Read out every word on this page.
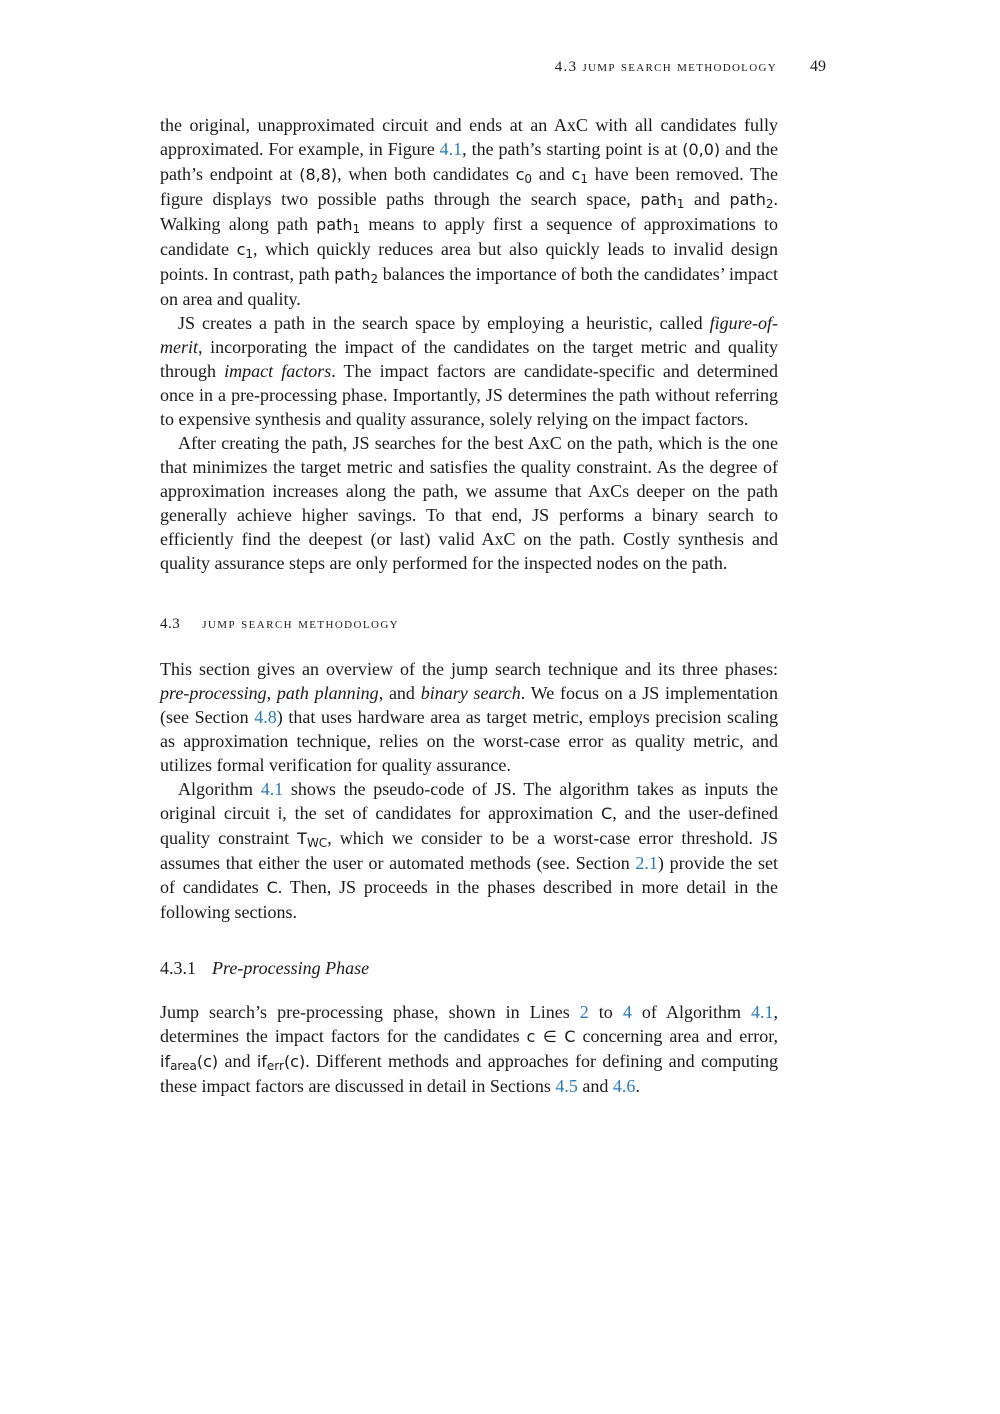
4.3 jump search methodology 49

the original, unapproximated circuit and ends at an AxC with all candidates fully approximated. For example, in Figure 4.1, the path’s starting point is at (0,0) and the path’s endpoint at (8,8), when both candidates $c_0$ and $c_1$ have been removed. The figure displays two possible paths through the search space, path$_1$ and path$_2$. Walking along path path$_1$ means to apply first a sequence of approximations to candidate $c_1$, which quickly reduces area but also quickly leads to invalid design points. In contrast, path path$_2$ balances the importance of both the candidates’ impact on area and quality.

JS creates a path in the search space by employing a heuristic, called figure-of-merit, incorporating the impact of the candidates on the target metric and quality through impact factors. The impact factors are candidate-specific and determined once in a pre-processing phase. Importantly, JS determines the path without referring to expensive synthesis and quality assurance, solely relying on the impact factors.

After creating the path, JS searches for the best AxC on the path, which is the one that minimizes the target metric and satisfies the quality constraint. As the degree of approximation increases along the path, we assume that AxCs deeper on the path generally achieve higher savings. To that end, JS performs a binary search to efficiently find the deepest (or last) valid AxC on the path. Costly synthesis and quality assurance steps are only performed for the inspected nodes on the path.

4.3 jump search methodology

This section gives an overview of the jump search technique and its three phases: pre-processing, path planning, and binary search. We focus on a JS implementation (see Section 4.8) that uses hardware area as target metric, employs precision scaling as approximation technique, relies on the worst-case error as quality metric, and utilizes formal verification for quality assurance.

Algorithm 4.1 shows the pseudo-code of JS. The algorithm takes as inputs the original circuit i, the set of candidates for approximation C, and the user-defined quality constraint $T_{WC}$, which we consider to be a worst-case error threshold. JS assumes that either the user or automated methods (see. Section 2.1) provide the set of candidates C. Then, JS proceeds in the phases described in more detail in the following sections.

4.3.1 Pre-processing Phase

Jump search’s pre-processing phase, shown in Lines 2 to 4 of Algorithm 4.1, determines the impact factors for the candidates c ∈ C concerning area and error, $if_{area}(c)$ and $if_{err}(c)$. Different methods and approaches for defining and computing these impact factors are discussed in detail in Sections 4.5 and 4.6.
